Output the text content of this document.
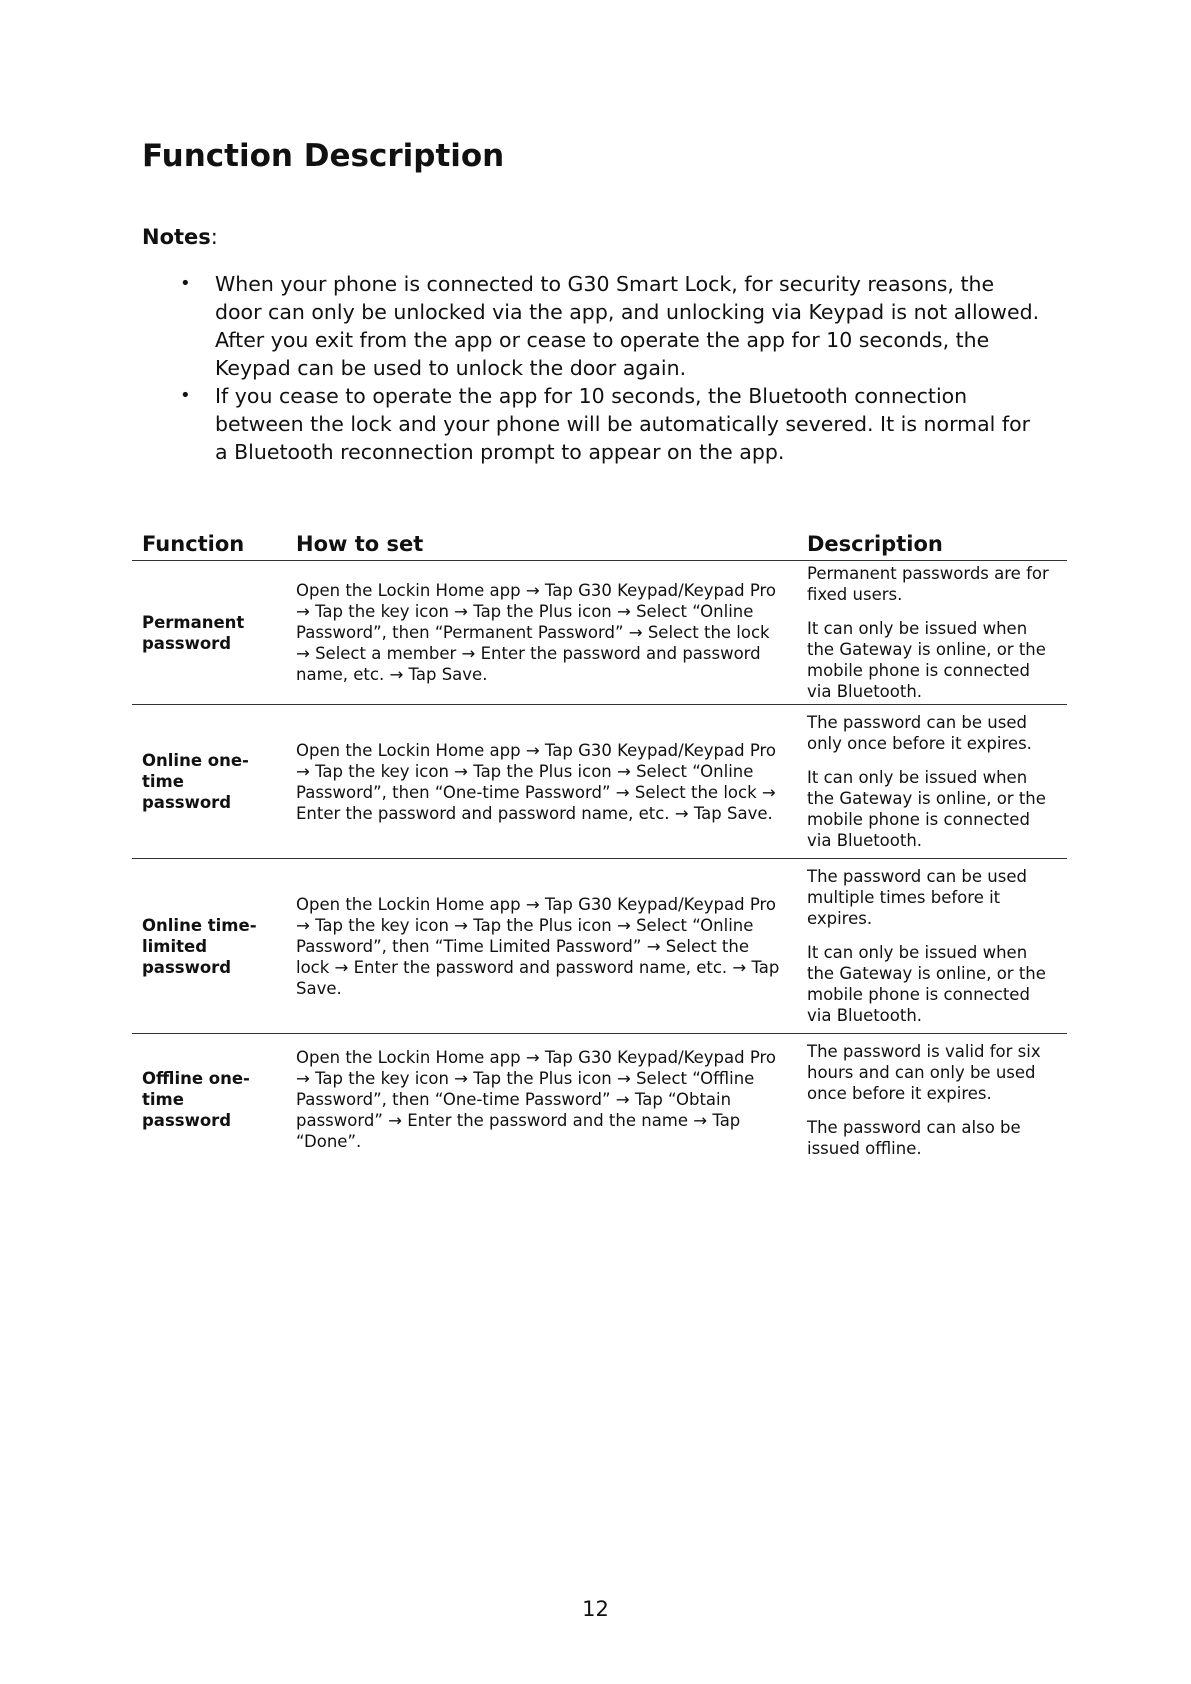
Function Description

Notes:

• When your phone is connected to G30 Smart Lock, for security reasons, the door can only be unlocked via the app, and unlocking via Keypad is not allowed. After you exit from the app or cease to operate the app for 10 seconds, the Keypad can be used to unlock the door again.
• If you cease to operate the app for 10 seconds, the Bluetooth connection between the lock and your phone will be automatically severed. It is normal for a Bluetooth reconnection prompt to appear on the app.
Function	How to set	Description
Permanent password	Open the Lockin Home app → Tap G30 Keypad/Keypad Pro → Tap the key icon → Tap the Plus icon → Select “Online Password”, then “Permanent Password” → Select the lock → Select a member → Enter the password and password name, etc. → Tap Save.	Permanent passwords are for fixed users.

It can only be issued when the Gateway is online, or the mobile phone is connected via Bluetooth.

Online one-time password	Open the Lockin Home app → Tap G30 Keypad/Keypad Pro → Tap the key icon → Tap the Plus icon → Select “Online Password”, then “One-time Password” → Select the lock → Enter the password and password name, etc. → Tap Save.	The password can be used only once before it expires.

It can only be issued when the Gateway is online, or the mobile phone is connected via Bluetooth.

Online time-limited password	Open the Lockin Home app → Tap G30 Keypad/Keypad Pro → Tap the key icon → Tap the Plus icon → Select “Online Password”, then “Time Limited Password” → Select the lock → Enter the password and password name, etc. → Tap Save.	The password can be used multiple times before it expires.

It can only be issued when the Gateway is online, or the mobile phone is connected via Bluetooth.

Offline one-time password	Open the Lockin Home app → Tap G30 Keypad/Keypad Pro → Tap the key icon → Tap the Plus icon → Select “Offline Password”, then “One-time Password” → Tap “Obtain password” → Enter the password and the name → Tap “Done”.	The password is valid for six hours and can only be used once before it expires.

The password can also be issued offline.

12
